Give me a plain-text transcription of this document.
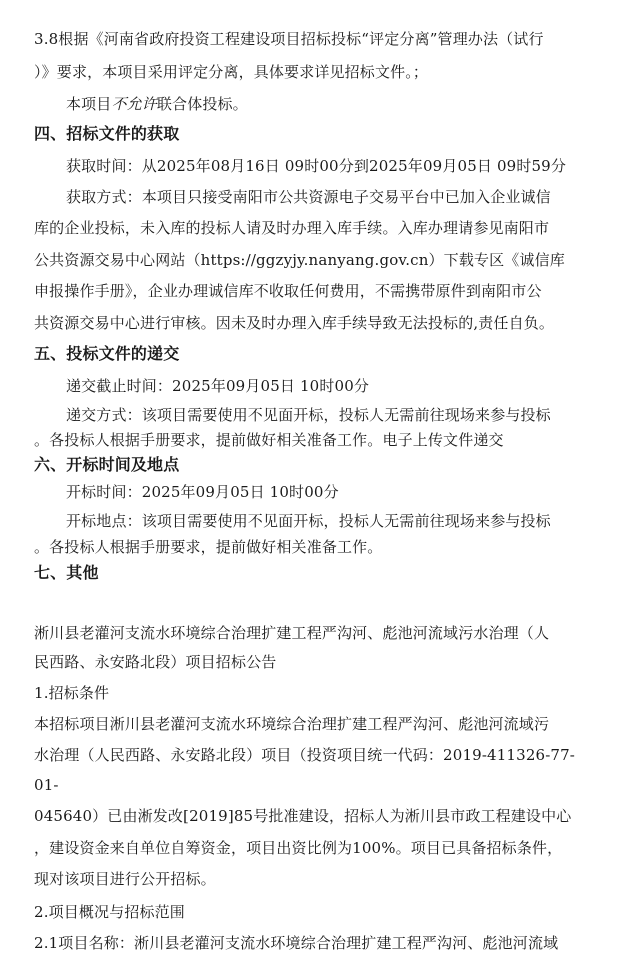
3.8根据《河南省政府投资工程建设项目招标投标“评定分离”管理办法（试行
）》要求，本项目采用评定分离，具体要求详见招标文件。；
本项目不允许联合体投标。
四、招标文件的获取
获取时间：从2025年08月16日 09时00分到2025年09月05日 09时59分
获取方式：本项目只接受南阳市公共资源电子交易平台中已加入企业诚信
库的企业投标，未入库的投标人请及时办理入库手续。入库办理请参见南阳市
公共资源交易中心网站（https://ggzyjy.nanyang.gov.cn）下载专区《诚信库
申报操作手册》，企业办理诚信库不收取任何费用，不需携带原件到南阳市公
共资源交易中心进行审核。因未及时办理入库手续导致无法投标的,责任自负。
五、投标文件的递交
递交截止时间：2025年09月05日 10时00分
递交方式：该项目需要使用不见面开标，投标人无需前往现场来参与投标
。各投标人根据手册要求，提前做好相关准备工作。电子上传文件递交
六、开标时间及地点
开标时间：2025年09月05日 10时00分
开标地点：该项目需要使用不见面开标，投标人无需前往现场来参与投标
。各投标人根据手册要求，提前做好相关准备工作。
七、其他
淅川县老灌河支流水环境综合治理扩建工程严沟河、彪池河流域污水治理（人
民西路、永安路北段）项目招标公告
1.招标条件
本招标项目淅川县老灌河支流水环境综合治理扩建工程严沟河、彪池河流域污
水治理（人民西路、永安路北段）项目（投资项目统一代码：2019-411326-77-
01-
045640）已由淅发改[2019]85号批准建设，招标人为淅川县市政工程建设中心
，建设资金来自单位自筹资金，项目出资比例为100%。项目已具备招标条件，
现对该项目进行公开招标。
2.项目概况与招标范围
2.1项目名称：淅川县老灌河支流水环境综合治理扩建工程严沟河、彪池河流域
